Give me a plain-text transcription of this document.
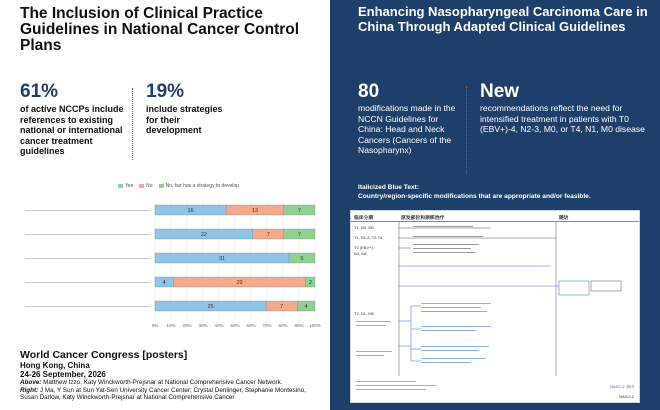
The Inclusion of Clinical Practice Guidelines in National Cancer Control Plans
61%
of active NCCPs include references to existing national or international cancer treatment guidelines
19%
include strategies for their development
Yes	No	No, but has a strategy to develop
0% 10% 20% 30% 40% 50% 60% 70% 80% 90% 100%
16	13	7
22	7	7
31	6
4	29	2
25	7	4
World Cancer Congress [posters]
Hong Kong, China
24-26 September, 2026
Above: Matthew Izzo, Katy Winckworth-Prejsnar at National Comprehensive Cancer Network.
Right: J Ma, Y Sun at Sun Yat-Sen University Cancer Center; Crystal Denlinger, Stephanie Montesino, Susan Darlow, Katy Winckworth-Prejsnar at National Comprehensive Cancer
Enhancing Nasopharyngeal Carcinoma Care in China Through Adapted Clinical Guidelines
80
modifications made in the NCCN Guidelines for China: Head and Neck Cancers (Cancers of the Nasopharynx)
New
recommendations reflect the need for intensified treatment in patients with T0 (EBV+)-4, N2-3, M0, or T4, N1, M0 disease
Italicized Blue Text:
Country/region-specific modifications that are appropriate and/or feasible.
临床分期	原发部位和颈部治疗	随访
T1, N0, M0
T1, N1-3, T2-T4,
T0 (EBV+),
N1, M0
T2, N1, M0
NASO-1 修改
NASO-2
